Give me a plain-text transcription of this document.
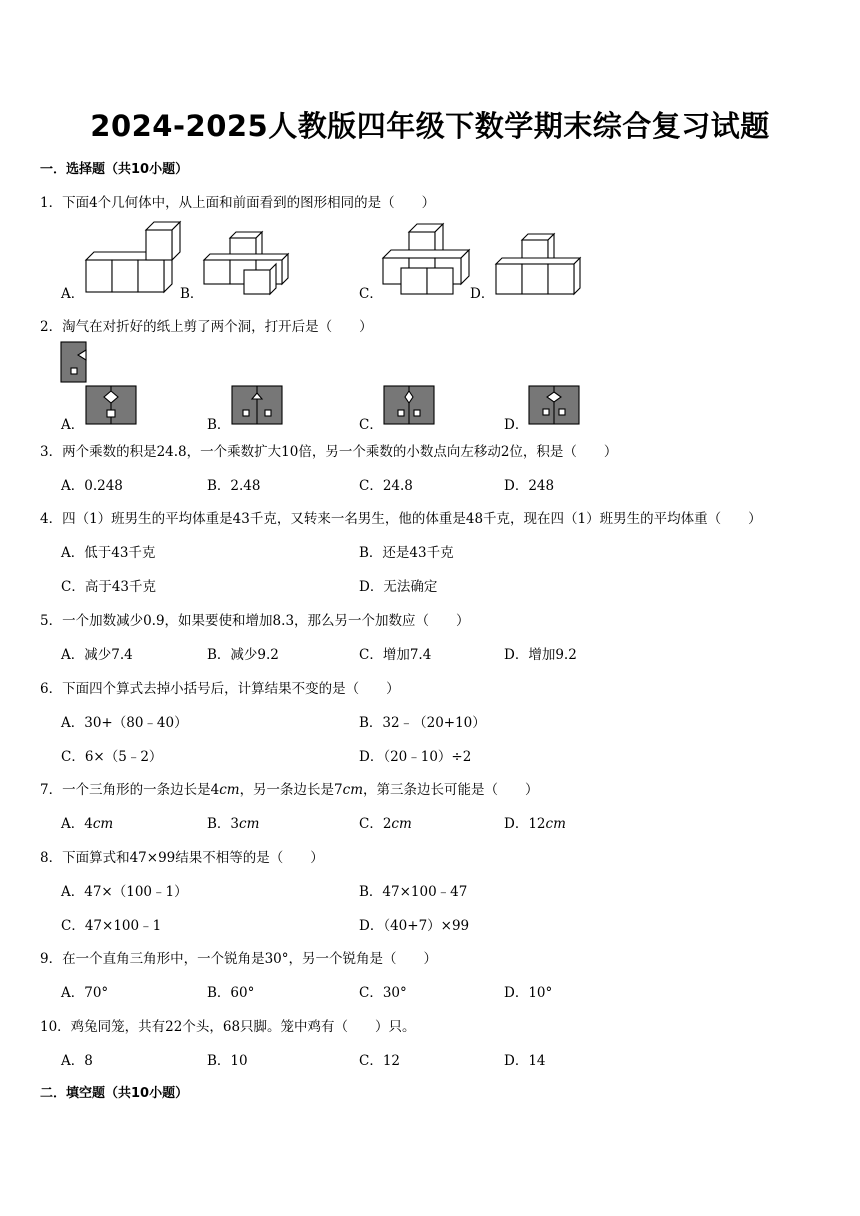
2024-2025人教版四年级下数学期末综合复习试题
一．选择题（共10小题）
1．下面4个几何体中，从上面和前面看到的图形相同的是（　　）
A．	B．	C．	D．
2．淘气在对折好的纸上剪了两个洞，打开后是（　　）
A．	B．	C．	D．
3．两个乘数的积是24.8，一个乘数扩大10倍，另一个乘数的小数点向左移动2位，积是（　　）
A．0.248	B．2.48	C．24.8	D．248
4．四（1）班男生的平均体重是43千克，又转来一名男生，他的体重是48千克，现在四（1）班男生的平均体重（　　）
A．低于43千克	B．还是43千克
C．高于43千克	D．无法确定
5．一个加数减少0.9，如果要使和增加8.3，那么另一个加数应（　　）
A．减少7.4	B．减少9.2	C．增加7.4	D．增加9.2
6．下面四个算式去掉小括号后，计算结果不变的是（　　）
A．30+（80﹣40）	B．32﹣（20+10）
C．6×（5﹣2）	D．（20﹣10）÷2
7．一个三角形的一条边长是4cm，另一条边长是7cm，第三条边长可能是（　　）
A．4cm	B．3cm	C．2cm	D．12cm
8．下面算式和47×99结果不相等的是（　　）
A．47×（100﹣1）	B．47×100﹣47
C．47×100﹣1	D．（40+7）×99
9．在一个直角三角形中，一个锐角是30°，另一个锐角是（　　）
A．70°	B．60°	C．30°	D．10°
10．鸡兔同笼，共有22个头，68只脚。笼中鸡有（　　）只。
A．8	B．10	C．12	D．14
二．填空题（共10小题）
